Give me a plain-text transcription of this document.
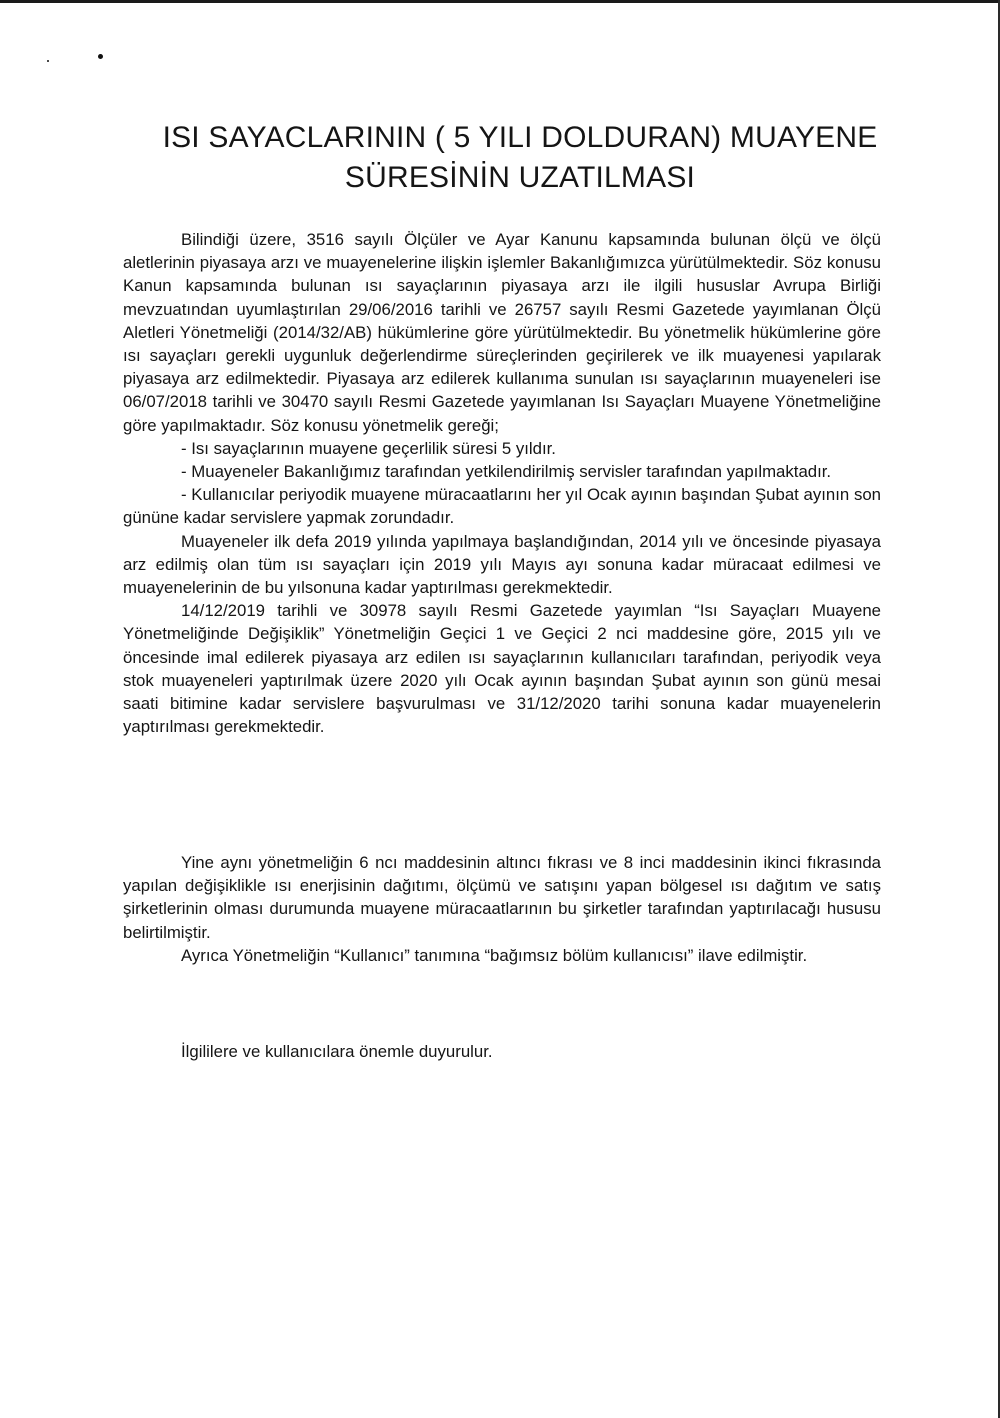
ISI SAYACLARININ ( 5 YILI DOLDURAN) MUAYENE
SÜRESİNİN UZATILMASI

Bilindiği üzere, 3516 sayılı Ölçüler ve Ayar Kanunu kapsamında bulunan ölçü ve ölçü aletlerinin piyasaya arzı ve muayenelerine ilişkin işlemler Bakanlığımızca yürütülmektedir. Söz konusu Kanun kapsamında bulunan ısı sayaçlarının piyasaya arzı ile ilgili hususlar Avrupa Birliği mevzuatından uyumlaştırılan 29/06/2016 tarihli ve 26757 sayılı Resmi Gazetede yayımlanan Ölçü Aletleri Yönetmeliği (2014/32/AB) hükümlerine göre yürütülmektedir. Bu yönetmelik hükümlerine göre ısı sayaçları gerekli uygunluk değerlendirme süreçlerinden geçirilerek ve ilk muayenesi yapılarak piyasaya arz edilmektedir. Piyasaya arz edilerek kullanıma sunulan ısı sayaçlarının muayeneleri ise 06/07/2018 tarihli ve 30470 sayılı Resmi Gazetede yayımlanan Isı Sayaçları Muayene Yönetmeliğine göre yapılmaktadır. Söz konusu yönetmelik gereği;

- Isı sayaçlarının muayene geçerlilik süresi 5 yıldır.

- Muayeneler Bakanlığımız tarafından yetkilendirilmiş servisler tarafından yapılmaktadır.

- Kullanıcılar periyodik muayene müracaatlarını her yıl Ocak ayının başından Şubat ayının son gününe kadar servislere yapmak zorundadır.

Muayeneler ilk defa 2019 yılında yapılmaya başlandığından, 2014 yılı ve öncesinde piyasaya arz edilmiş olan tüm ısı sayaçları için 2019 yılı Mayıs ayı sonuna kadar müracaat edilmesi ve muayenelerinin de bu yılsonuna kadar yaptırılması gerekmektedir.

14/12/2019 tarihli ve 30978 sayılı Resmi Gazetede yayımlan “Isı Sayaçları Muayene Yönetmeliğinde Değişiklik” Yönetmeliğin Geçici 1 ve Geçici 2 nci maddesine göre, 2015 yılı ve öncesinde imal edilerek piyasaya arz edilen ısı sayaçlarının kullanıcıları tarafından, periyodik veya stok muayeneleri yaptırılmak üzere 2020 yılı Ocak ayının başından Şubat ayının son günü mesai saati bitimine kadar servislere başvurulması ve 31/12/2020 tarihi sonuna kadar muayenelerin yaptırılması gerekmektedir.

Yine aynı yönetmeliğin 6 ncı maddesinin altıncı fıkrası ve 8 inci maddesinin ikinci fıkrasında yapılan değişiklikle ısı enerjisinin dağıtımı, ölçümü ve satışını yapan bölgesel ısı dağıtım ve satış şirketlerinin olması durumunda muayene müracaatlarının bu şirketler tarafından yaptırılacağı hususu belirtilmiştir.

Ayrıca Yönetmeliğin “Kullanıcı” tanımına “bağımsız bölüm kullanıcısı” ilave edilmiştir.

İlgililere ve kullanıcılara önemle duyurulur.
